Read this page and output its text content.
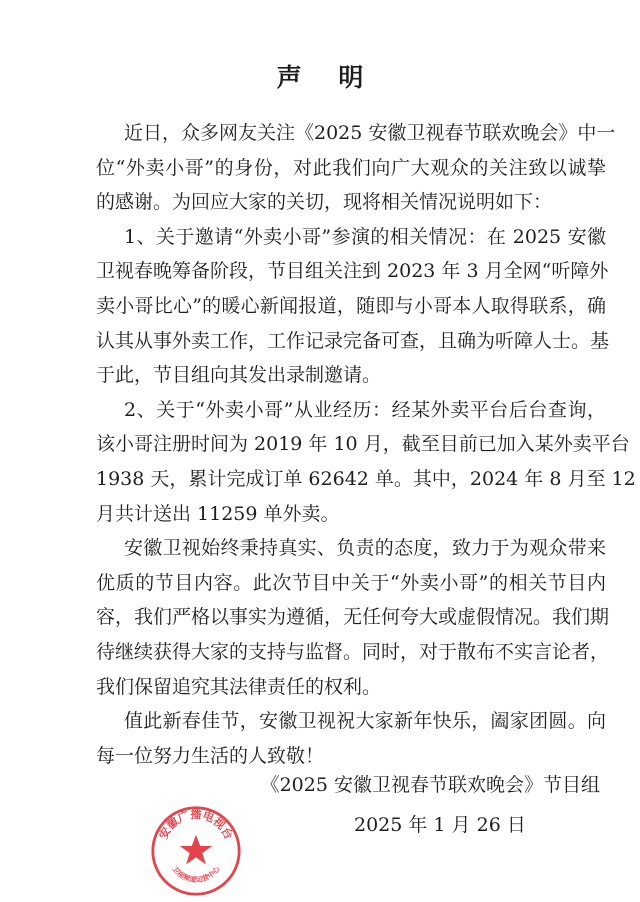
声 明
近日，众多网友关注《2025 安徽卫视春节联欢晚会》中一
位“外卖小哥”的身份，对此我们向广大观众的关注致以诚挚
的感谢。为回应大家的关切，现将相关情况说明如下：
1、关于邀请“外卖小哥”参演的相关情况：在 2025 安徽
卫视春晚筹备阶段，节目组关注到 2023 年 3 月全网“听障外
卖小哥比心”的暖心新闻报道，随即与小哥本人取得联系，确
认其从事外卖工作，工作记录完备可查，且确为听障人士。基
于此，节目组向其发出录制邀请。
2、关于“外卖小哥”从业经历：经某外卖平台后台查询，
该小哥注册时间为 2019 年 10 月，截至目前已加入某外卖平台
1938 天，累计完成订单 62642 单。其中，2024 年 8 月至 12
月共计送出 11259 单外卖。
安徽卫视始终秉持真实、负责的态度，致力于为观众带来
优质的节目内容。此次节目中关于“外卖小哥”的相关节目内
容，我们严格以事实为遵循，无任何夸大或虚假情况。我们期
待继续获得大家的支持与监督。同时，对于散布不实言论者，
我们保留追究其法律责任的权利。
值此新春佳节，安徽卫视祝大家新年快乐，阖家团圆。向
每一位努力生活的人致敬！
《2025 安徽卫视春节联欢晚会》节目组
2025 年 1 月 26 日
安徽广播电视台
卫视频道运营中心
